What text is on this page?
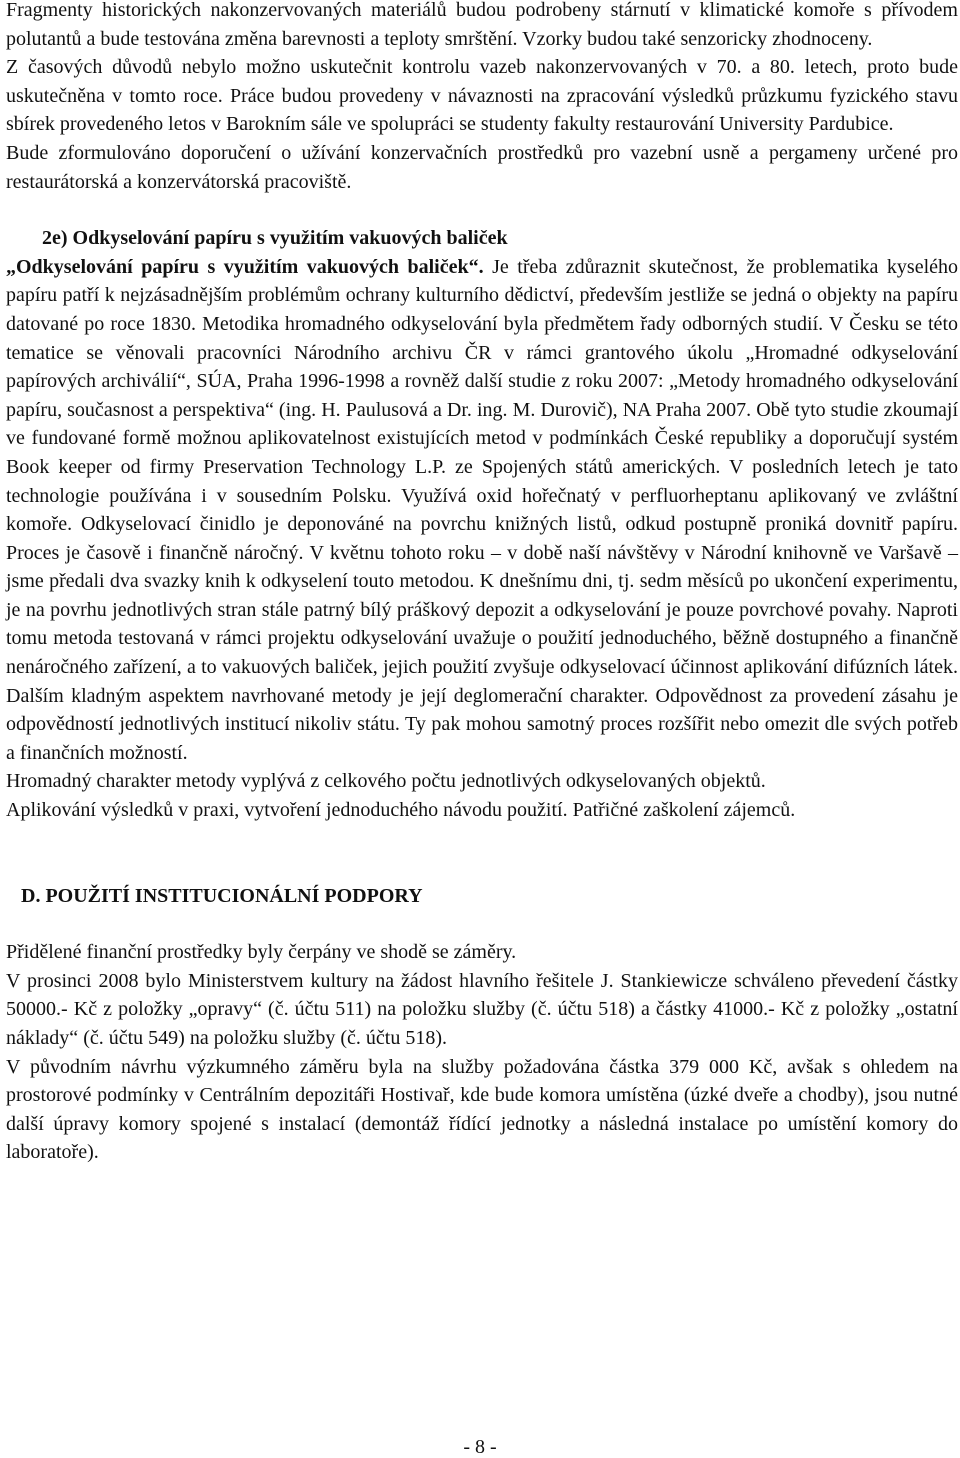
Fragmenty historických nakonzervovaných materiálů budou podrobeny stárnutí v klimatické komoře s přívodem polutantů a bude testována změna barevnosti a teploty smrštění. Vzorky budou také senzoricky zhodnoceny.

Z časových důvodů nebylo možno uskutečnit kontrolu vazeb nakonzervovaných v 70. a 80. letech, proto bude uskutečněna v tomto roce. Práce budou provedeny v návaznosti na zpracování výsledků průzkumu fyzického stavu sbírek provedeného letos v Barokním sále ve spolupráci se studenty fakulty restaurování University Pardubice.

Bude zformulováno doporučení o užívání konzervačních prostředků pro vazební usně a pergameny určené pro restaurátorská a konzervátorská pracoviště.

2e) Odkyselování papíru s využitím vakuových baliček

„Odkyselování papíru s využitím vakuových baliček“. Je třeba zdůraznit skutečnost, že problematika kyselého papíru patří k nejzásadnějším problémům ochrany kulturního dědictví, především jestliže se jedná o objekty na papíru datované po roce 1830. Metodika hromadného odkyselování byla předmětem řady odborných studií. V Česku se této tematice se věnovali pracovníci Národního archivu ČR v rámci grantového úkolu „Hromadné odkyselování papírových archiválií“, SÚA, Praha 1996-1998 a rovněž další studie z roku 2007: „Metody hromadného odkyselování papíru, současnost a perspektiva“ (ing. H. Paulusová a Dr. ing. M. Durovič), NA Praha 2007. Obě tyto studie zkoumají ve fundované formě možnou aplikovatelnost existujících metod v podmínkách České republiky a doporučují systém Book keeper od firmy Preservation Technology L.P. ze Spojených států amerických. V posledních letech je tato technologie používána i v sousedním Polsku. Využívá oxid hořečnatý v perfluorheptanu aplikovaný ve zvláštní komoře. Odkyselovací činidlo je deponováné na povrchu knižných listů, odkud postupně proniká dovnitř papíru. Proces je časově i finančně náročný. V květnu tohoto roku – v době naší návštěvy v Národní knihovně ve Varšavě – jsme předali dva svazky knih k odkyselení touto metodou. K dnešnímu dni, tj. sedm měsíců po ukončení experimentu, je na povrhu jednotlivých stran stále patrný bílý práškový depozit a odkyselování je pouze povrchové povahy. Naproti tomu metoda testovaná v rámci projektu odkyselování uvažuje o použití jednoduchého, běžně dostupného a finančně nenáročného zařízení, a to vakuových baliček, jejich použití zvyšuje odkyselovací účinnost aplikování difúzních látek. Dalším kladným aspektem navrhované metody je její deglomerační charakter. Odpovědnost za provedení zásahu je odpovědností jednotlivých institucí nikoliv státu. Ty pak mohou samotný proces rozšířit nebo omezit dle svých potřeb a finančních možností.

Hromadný charakter metody vyplývá z celkového počtu jednotlivých odkyselovaných objektů.

Aplikování výsledků v praxi, vytvoření jednoduchého návodu použití. Patřičné zaškolení zájemců.

D. POUŽITÍ INSTITUCIONÁLNÍ PODPORY

Přidělené finanční prostředky byly čerpány ve shodě se záměry.

V prosinci 2008 bylo Ministerstvem kultury na žádost hlavního řešitele J. Stankiewicze schváleno převedení částky 50000.- Kč z položky „opravy“ (č. účtu 511) na položku služby (č. účtu 518) a částky 41000.- Kč z položky „ostatní náklady“ (č. účtu 549) na položku služby (č. účtu 518).

V původním návrhu výzkumného záměru byla na služby požadována částka 379 000 Kč, avšak s ohledem na prostorové podmínky v Centrálním depozitáři Hostivař, kde bude komora umístěna (úzké dveře a chodby), jsou nutné další úpravy komory spojené s instalací (demontáž řídící jednotky a následná instalace po umístění komory do laboratoře).

- 8 -
